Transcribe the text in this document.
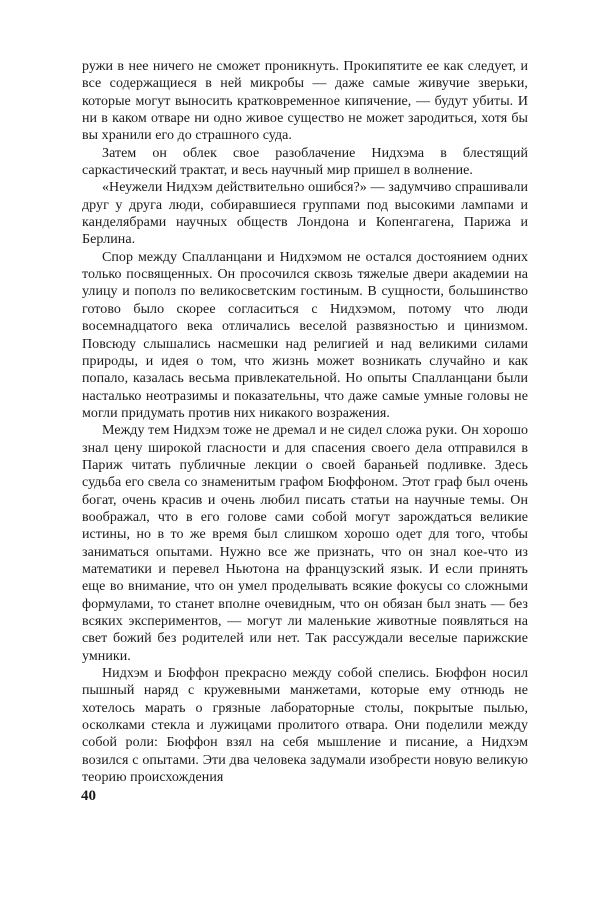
ружи в нее ничего не сможет проникнуть. Прокипятите ее как следует, и все содержащиеся в ней микробы — даже самые живучие зверьки, которые могут выносить кратковременное кипячение, — будут убиты. И ни в каком отваре ни одно живое существо не может зародиться, хотя бы вы хранили его до страшного суда.

Затем он облек свое разоблачение Нидхэма в блестящий саркастический трактат, и весь научный мир пришел в волнение.

«Неужели Нидхэм действительно ошибся?» — задумчиво спрашивали друг у друга люди, собиравшиеся группами под высокими лампами и канделябрами научных обществ Лондона и Копенгагена, Парижа и Берлина.

Спор между Спалланцани и Нидхэмом не остался достоянием одних только посвященных. Он просочился сквозь тяжелые двери академии на улицу и пополз по великосветским гостиным. В сущности, большинство готово было скорее согласиться с Нидхэмом, потому что люди восемнадцатого века отличались веселой развязностью и цинизмом. Повсюду слышались насмешки над религией и над великими силами природы, и идея о том, что жизнь может возникать случайно и как попало, казалась весьма привлекательной. Но опыты Спалланцани были насталько неотразимы и показательны, что даже самые умные головы не могли придумать против них никакого возражения.

Между тем Нидхэм тоже не дремал и не сидел сложа руки. Он хорошо знал цену широкой гласности и для спасения своего дела отправился в Париж читать публичные лекции о своей бараньей подливке. Здесь судьба его свела со знаменитым графом Бюффоном. Этот граф был очень богат, очень красив и очень любил писать статьи на научные темы. Он воображал, что в его голове сами собой могут зарождаться великие истины, но в то же время был слишком хорошо одет для того, чтобы заниматься опытами. Нужно все же признать, что он знал кое-что из математики и перевел Ньютона на французский язык. И если принять еще во внимание, что он умел проделывать всякие фокусы со сложными формулами, то станет вполне очевидным, что он обязан был знать — без всяких экспериментов, — могут ли маленькие животные появляться на свет божий без родителей или нет. Так рассуждали веселые парижские умники.

Нидхэм и Бюффон прекрасно между собой спелись. Бюффон носил пышный наряд с кружевными манжетами, которые ему отнюдь не хотелось марать о грязные лабораторные столы, покрытые пылью, осколками стекла и лужицами пролитого отвара. Они поделили между собой роли: Бюффон взял на себя мышление и писание, а Нидхэм возился с опытами. Эти два человека задумали изобрести новую великую теорию происхождения

40
